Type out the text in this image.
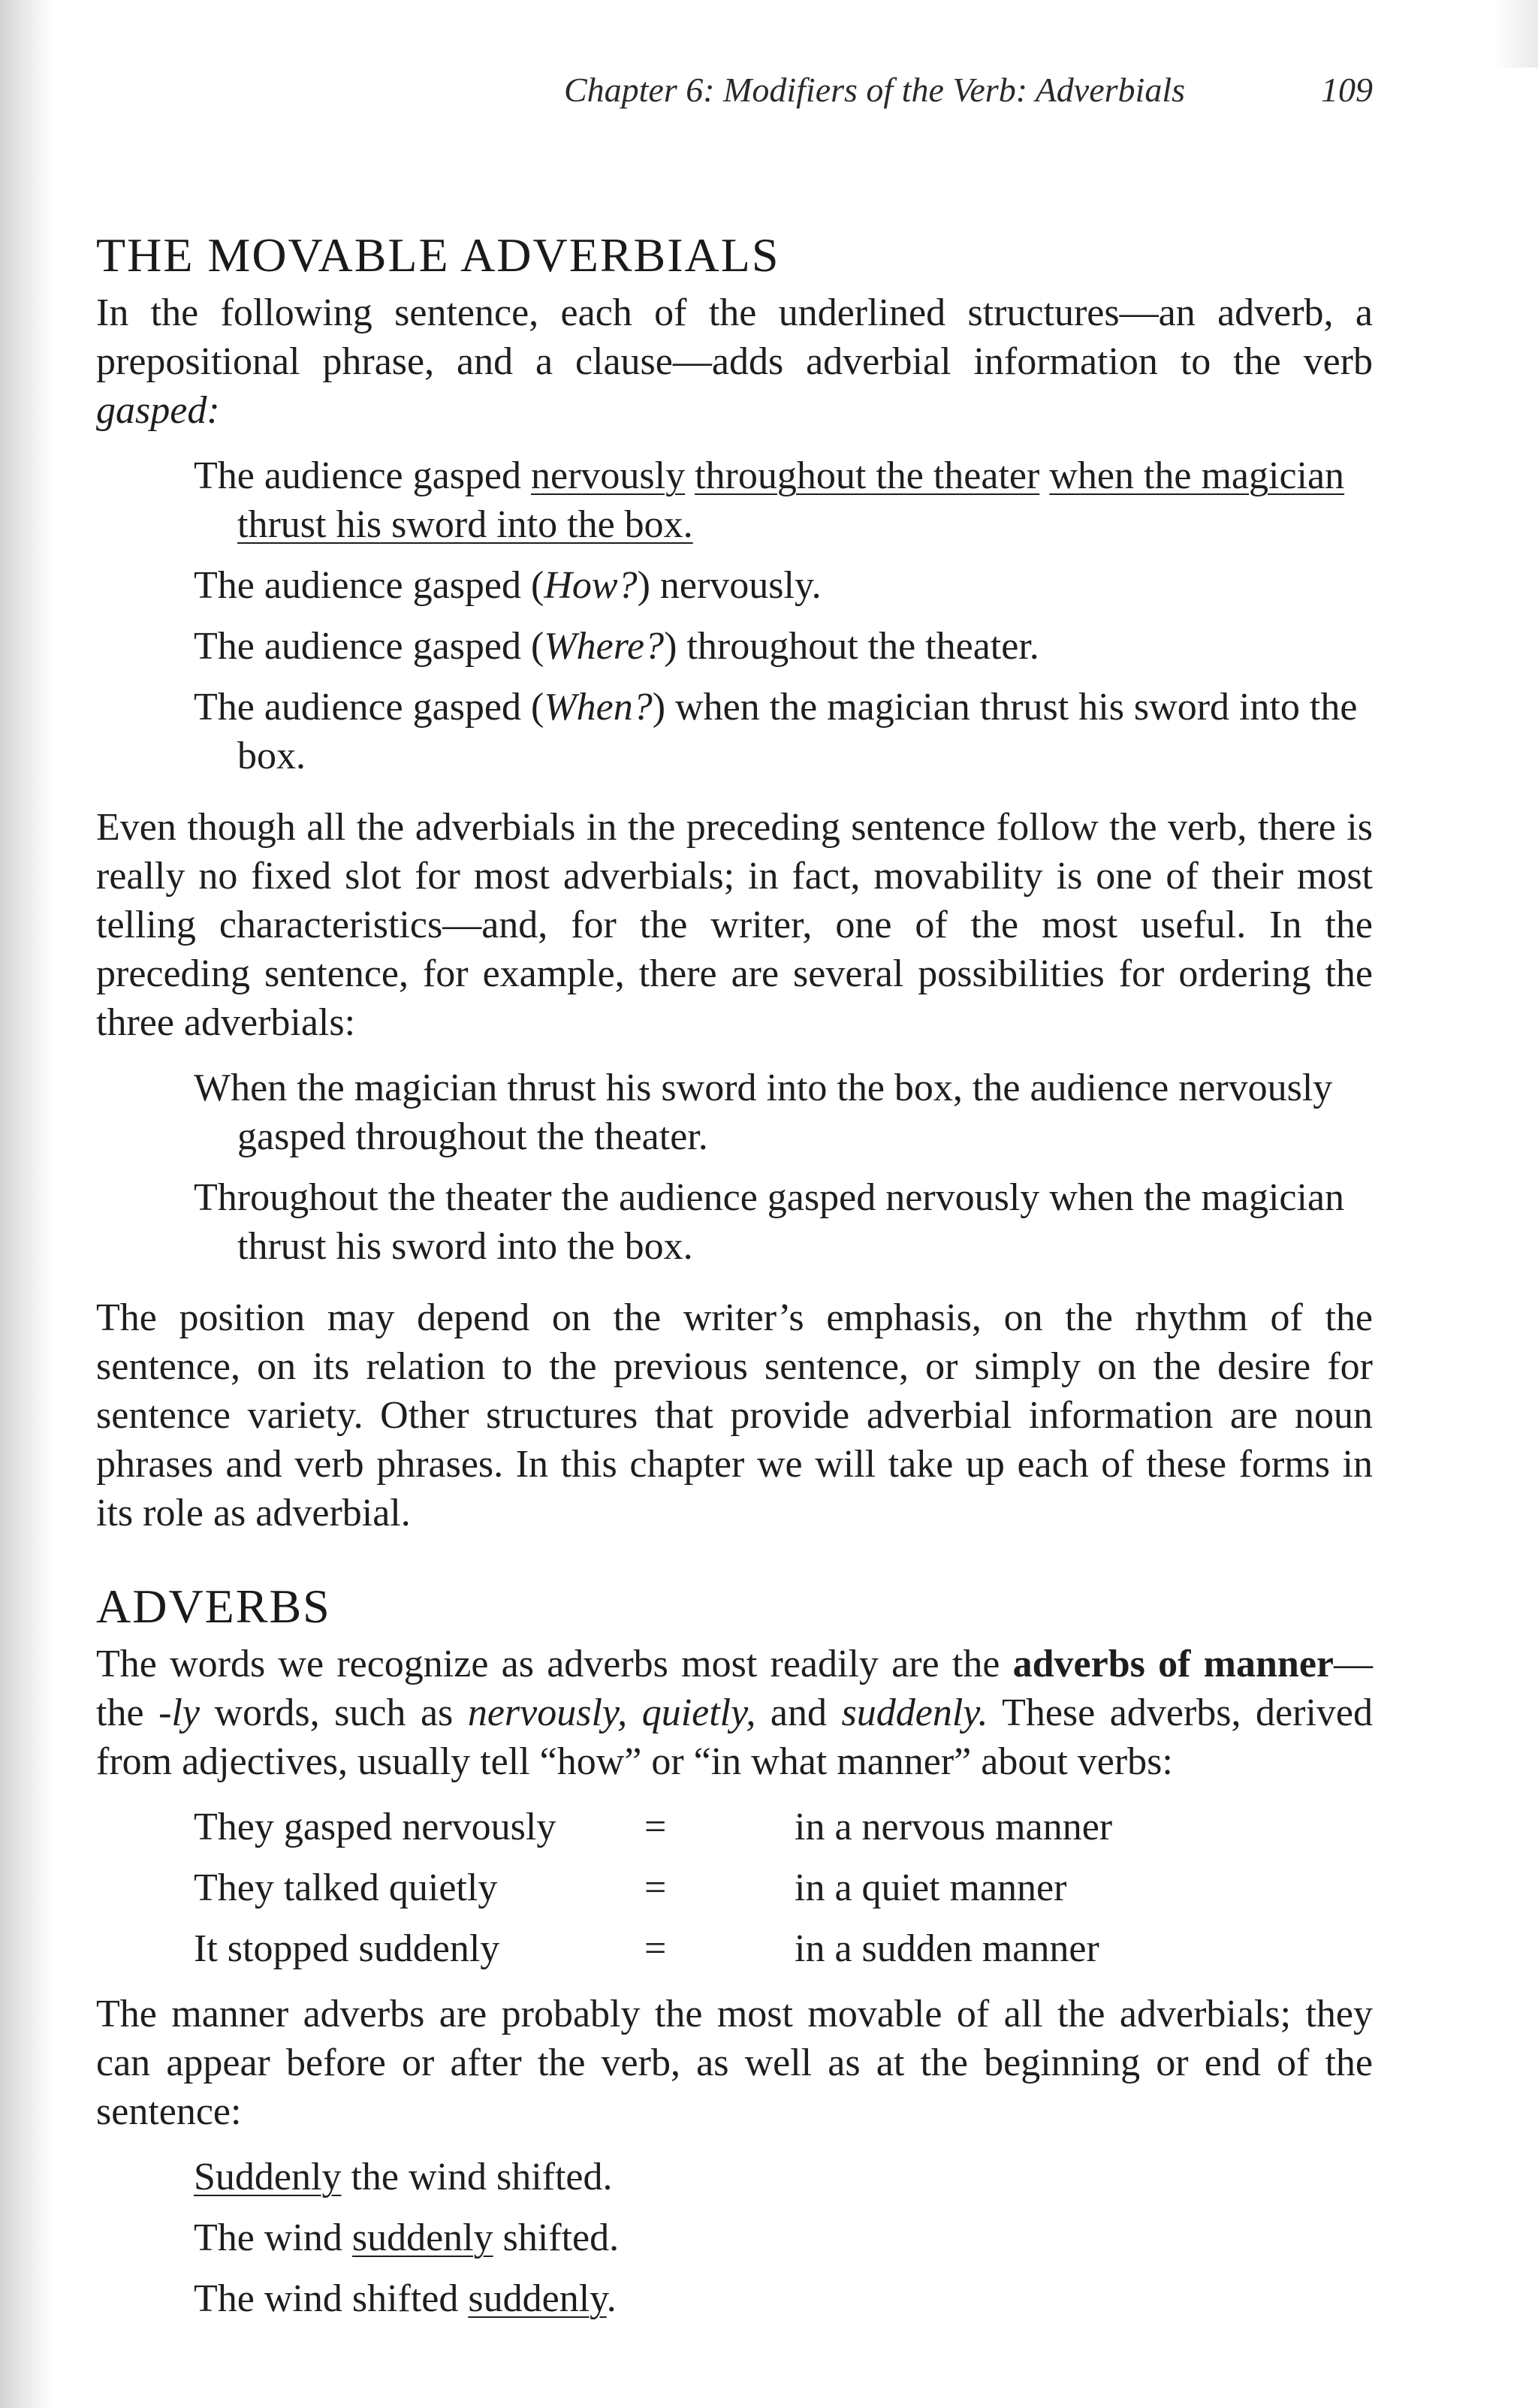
Chapter 6: Modifiers of the Verb: Adverbials	109
THE MOVABLE ADVERBIALS

In the following sentence, each of the underlined structures—an adverb, a prepositional phrase, and a clause—adds adverbial information to the verb gasped:

The audience gasped nervously throughout the theater when the magician thrust his sword into the box.
The audience gasped (How?) nervously.
The audience gasped (Where?) throughout the theater.
The audience gasped (When?) when the magician thrust his sword into the box.

Even though all the adverbials in the preceding sentence follow the verb, there is really no fixed slot for most adverbials; in fact, movability is one of their most telling characteristics—and, for the writer, one of the most useful. In the preceding sentence, for example, there are several possibilities for ordering the three adverbials:

When the magician thrust his sword into the box, the audience nervously gasped throughout the theater.
Throughout the theater the audience gasped nervously when the magician thrust his sword into the box.

The position may depend on the writer’s emphasis, on the rhythm of the sentence, on its relation to the previous sentence, or simply on the desire for sentence variety. Other structures that provide adverbial information are noun phrases and verb phrases. In this chapter we will take up each of these forms in its role as adverbial.

ADVERBS

The words we recognize as adverbs most readily are the adverbs of manner— the -ly words, such as nervously, quietly, and suddenly. These adverbs, derived from adjectives, usually tell “how” or “in what manner” about verbs:

They gasped nervously	=	in a nervous manner
They talked quietly	=	in a quiet manner
It stopped suddenly	=	in a sudden manner

The manner adverbs are probably the most movable of all the adverbials; they can appear before or after the verb, as well as at the beginning or end of the sentence:

Suddenly the wind shifted.
The wind suddenly shifted.
The wind shifted suddenly.
